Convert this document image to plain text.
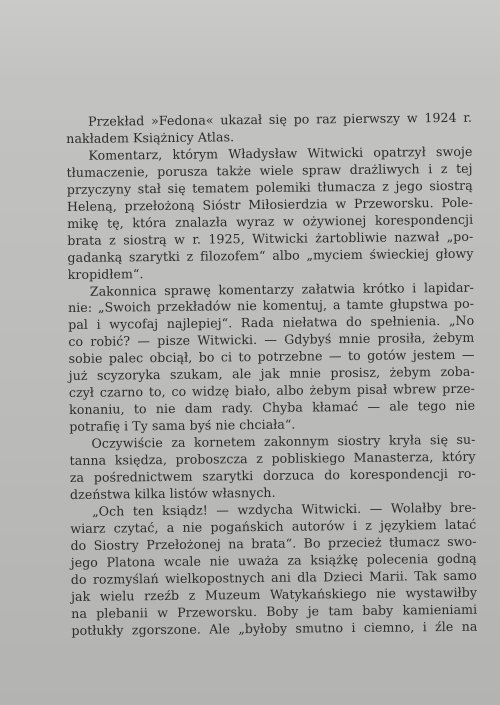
Przekład »Fedona« ukazał się po raz pierwszy w 1924 r.
nakładem Książnicy Atlas.
Komentarz, którym Władysław Witwicki opatrzył swoje
tłumaczenie, porusza także wiele spraw drażliwych i z tej
przyczyny stał się tematem polemiki tłumacza z jego siostrą
Heleną, przełożoną Sióstr Miłosierdzia w Przeworsku. Pole-
mikę tę, która znalazła wyraz w ożywionej korespondencji
brata z siostrą w r. 1925, Witwicki żartobliwie nazwał „po-
gadanką szarytki z filozofem“ albo „myciem świeckiej głowy
kropidłem“.
Zakonnica sprawę komentarzy załatwia krótko i lapidar-
nie: „Swoich przekładów nie komentuj, a tamte głupstwa po-
pal i wycofaj najlepiej“. Rada niełatwa do spełnienia. „No
co robić? — pisze Witwicki. — Gdybyś mnie prosiła, żebym
sobie palec obciął, bo ci to potrzebne — to gotów jestem —
już scyzoryka szukam, ale jak mnie prosisz, żebym zoba-
czył czarno to, co widzę biało, albo żebym pisał wbrew prze-
konaniu, to nie dam rady. Chyba kłamać — ale tego nie
potrafię i Ty sama byś nie chciała“.
Oczywiście za kornetem zakonnym siostry kryła się su-
tanna księdza, proboszcza z pobliskiego Manasterza, który
za pośrednictwem szarytki dorzuca do korespondencji ro-
dzeństwa kilka listów własnych.
„Och ten ksiądz! — wzdycha Witwicki. — Wolałby bre-
wiarz czytać, a nie pogańskich autorów i z językiem latać
do Siostry Przełożonej na brata“. Bo przecież tłumacz swo-
jego Platona wcale nie uważa za książkę polecenia godną
do rozmyślań wielkopostnych ani dla Dzieci Marii. Tak samo
jak wielu rzeźb z Muzeum Watykańskiego nie wystawiłby
na plebanii w Przeworsku. Boby je tam baby kamieniami
potłukły zgorszone. Ale „byłoby smutno i ciemno, i źle na
